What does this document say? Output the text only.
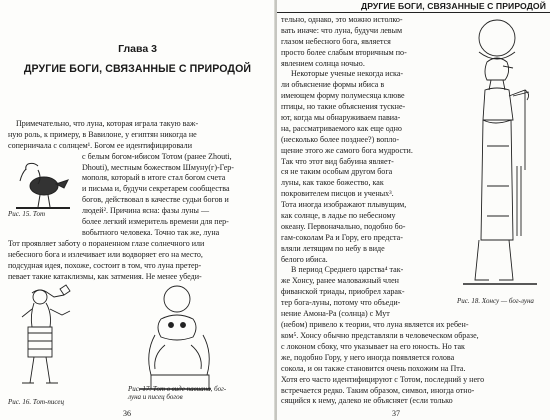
Глава 3
ДРУГИЕ БОГИ, СВЯЗАННЫЕ С ПРИРОДОЙ
Примечательно, что луна, которая играла такую важ-
ную роль, к примеру, в Вавилоне, у египтян никогда не
соперничала с солнцем¹. Богом ее идентифицировали
с белым богом-ибисом Тотом (ранее Zhouti,
Dhouti), местным божеством Шмуну(г)-Гер-
мополя, который в итоге стал богом счета
и письма и, будучи секретарем сообщества
богов, действовал в качестве судьи богов и
людей². Причина ясна: фазы луны —
более легкий измеритель времени для пер-
вобытного человека. Точно так же, луна
Тот проявляет заботу о пораненном глазе солнечного или
небесного бога и излечивает или водворяет его на место,
подсудная идея, похоже, состоит в том, что луна претер-
певает такие катаклизмы, как затмения. Не менее убеди-
Рис. 15. Тот
Рис. 16. Тот-писец
Рис. 17. Тот в виде павиана, бог-луна и писец богов
36
тельно, однако, это можно истолко-
вать иначе: что луна, будучи левым
глазом небесного бога, является
просто более слабым вторичным по-
явлением солнца ночью.
Некоторые ученые некогда иска-
ли объяснение формы ибиса в
имеющем форму полумесяца клюве
птицы, но такие объяснения тускне-
ют, когда мы обнаруживаем павиа-
на, рассматриваемого как еще одно
(несколько более позднее?) вопло-
щение этого же самого бога мудрости.
Так что этот вид бабуина являет-
ся не таким особым другом бога
луны, как такое божество, как
покровителем писцов и ученых³.
Тота иногда изображают плывущим,
как солнце, в ладье по небесному
океану. Первоначально, подобно бо-
гам-соколам Ра и Гору, его предста-
вляли летящим по небу в виде
белого ибиса.
В период Среднего царства⁴ так-
же Хонсу, ранее маловажный член
фиванской триады, приобрел харак-
тер бога-луны, потому что объеди-
нение Амона-Ра (солнца) с Мут
(небом) привело к теории, что луна является их ребен-
ком⁵. Хонсу обычно представляли в человеческом образе,
с локоном сбоку, что указывает на его юность. Но так
же, подобно Гору, у него иногда появляется голова
сокола, и он также становится очень похожим на Пта.
Хотя его часто идентифицируют с Тотом, последний у него
встречается редко. Таким образом, символ, иногда отно-
сящийся к нему, далеко не объясняет (если только
Рис. 18. Хонсу — бог-луна
37
ДРУГИЕ БОГИ, СВЯЗАННЫЕ С ПРИРОДОЙ
